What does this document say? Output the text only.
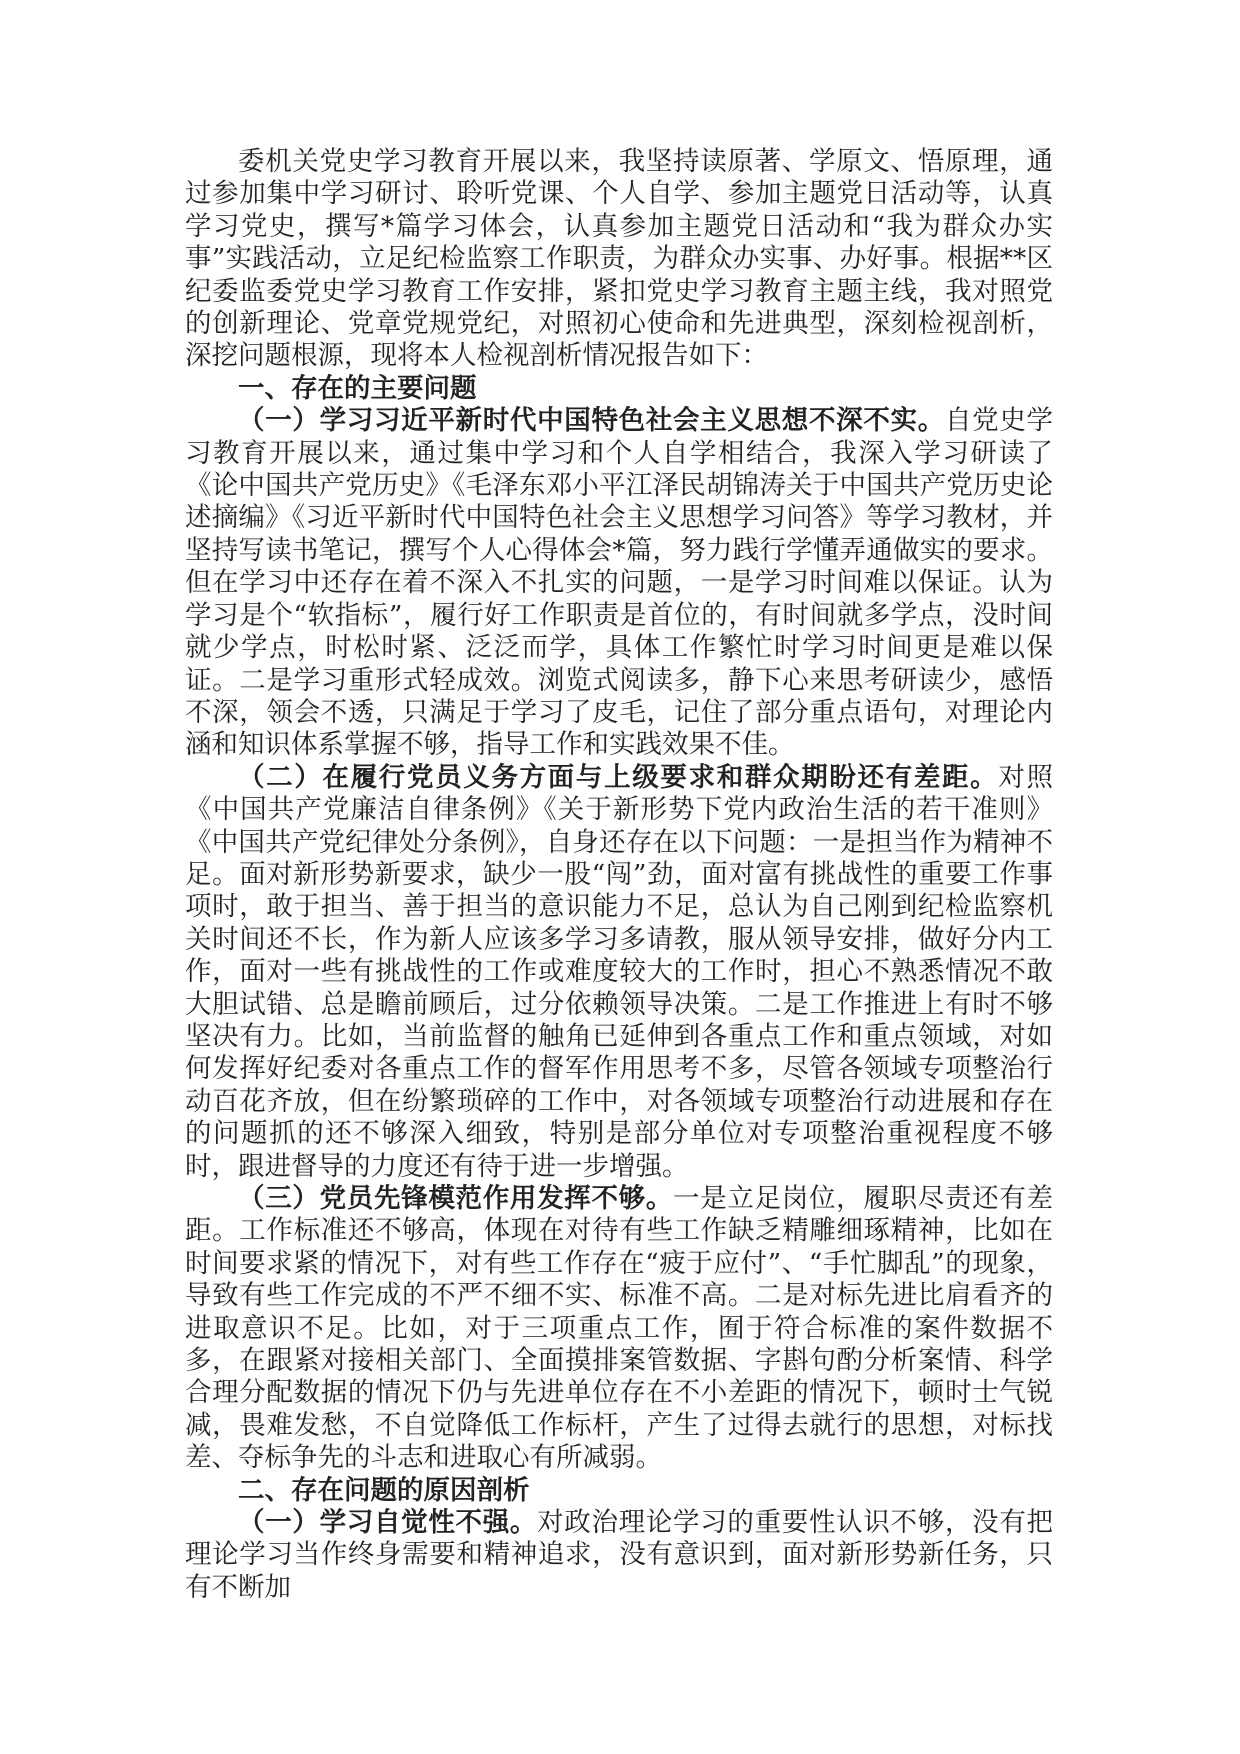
委机关党史学习教育开展以来，我坚持读原著、学原文、悟原理，通过参加集中学习研讨、聆听党课、个人自学、参加主题党日活动等，认真学习党史，撰写*篇学习体会，认真参加主题党日活动和“我为群众办实事”实践活动，立足纪检监察工作职责，为群众办实事、办好事。根据**区纪委监委党史学习教育工作安排，紧扣党史学习教育主题主线，我对照党的创新理论、党章党规党纪，对照初心使命和先进典型，深刻检视剖析，深挖问题根源，现将本人检视剖析情况报告如下：

一、存在的主要问题

（一）学习习近平新时代中国特色社会主义思想不深不实。自党史学习教育开展以来，通过集中学习和个人自学相结合，我深入学习研读了《论中国共产党历史》《毛泽东邓小平江泽民胡锦涛关于中国共产党历史论述摘编》《习近平新时代中国特色社会主义思想学习问答》等学习教材，并坚持写读书笔记，撰写个人心得体会*篇，努力践行学懂弄通做实的要求。但在学习中还存在着不深入不扎实的问题，一是学习时间难以保证。认为学习是个“软指标”，履行好工作职责是首位的，有时间就多学点，没时间就少学点，时松时紧、泛泛而学，具体工作繁忙时学习时间更是难以保证。二是学习重形式轻成效。浏览式阅读多，静下心来思考研读少，感悟不深，领会不透，只满足于学习了皮毛，记住了部分重点语句，对理论内涵和知识体系掌握不够，指导工作和实践效果不佳。

（二）在履行党员义务方面与上级要求和群众期盼还有差距。对照《中国共产党廉洁自律条例》《关于新形势下党内政治生活的若干准则》《中国共产党纪律处分条例》，自身还存在以下问题：一是担当作为精神不足。面对新形势新要求，缺少一股“闯”劲，面对富有挑战性的重要工作事项时，敢于担当、善于担当的意识能力不足，总认为自己刚到纪检监察机关时间还不长，作为新人应该多学习多请教，服从领导安排，做好分内工作，面对一些有挑战性的工作或难度较大的工作时，担心不熟悉情况不敢大胆试错、总是瞻前顾后，过分依赖领导决策。二是工作推进上有时不够坚决有力。比如，当前监督的触角已延伸到各重点工作和重点领域，对如何发挥好纪委对各重点工作的督军作用思考不多，尽管各领域专项整治行动百花齐放，但在纷繁琐碎的工作中，对各领域专项整治行动进展和存在的问题抓的还不够深入细致，特别是部分单位对专项整治重视程度不够时，跟进督导的力度还有待于进一步增强。

（三）党员先锋模范作用发挥不够。一是立足岗位，履职尽责还有差距。工作标准还不够高，体现在对待有些工作缺乏精雕细琢精神，比如在时间要求紧的情况下，对有些工作存在“疲于应付”、“手忙脚乱”的现象，导致有些工作完成的不严不细不实、标准不高。二是对标先进比肩看齐的进取意识不足。比如，对于三项重点工作，囿于符合标准的案件数据不多，在跟紧对接相关部门、全面摸排案管数据、字斟句酌分析案情、科学合理分配数据的情况下仍与先进单位存在不小差距的情况下，顿时士气锐减，畏难发愁，不自觉降低工作标杆，产生了过得去就行的思想，对标找差、夺标争先的斗志和进取心有所减弱。

二、存在问题的原因剖析

（一）学习自觉性不强。对政治理论学习的重要性认识不够，没有把理论学习当作终身需要和精神追求，没有意识到，面对新形势新任务，只有不断加
